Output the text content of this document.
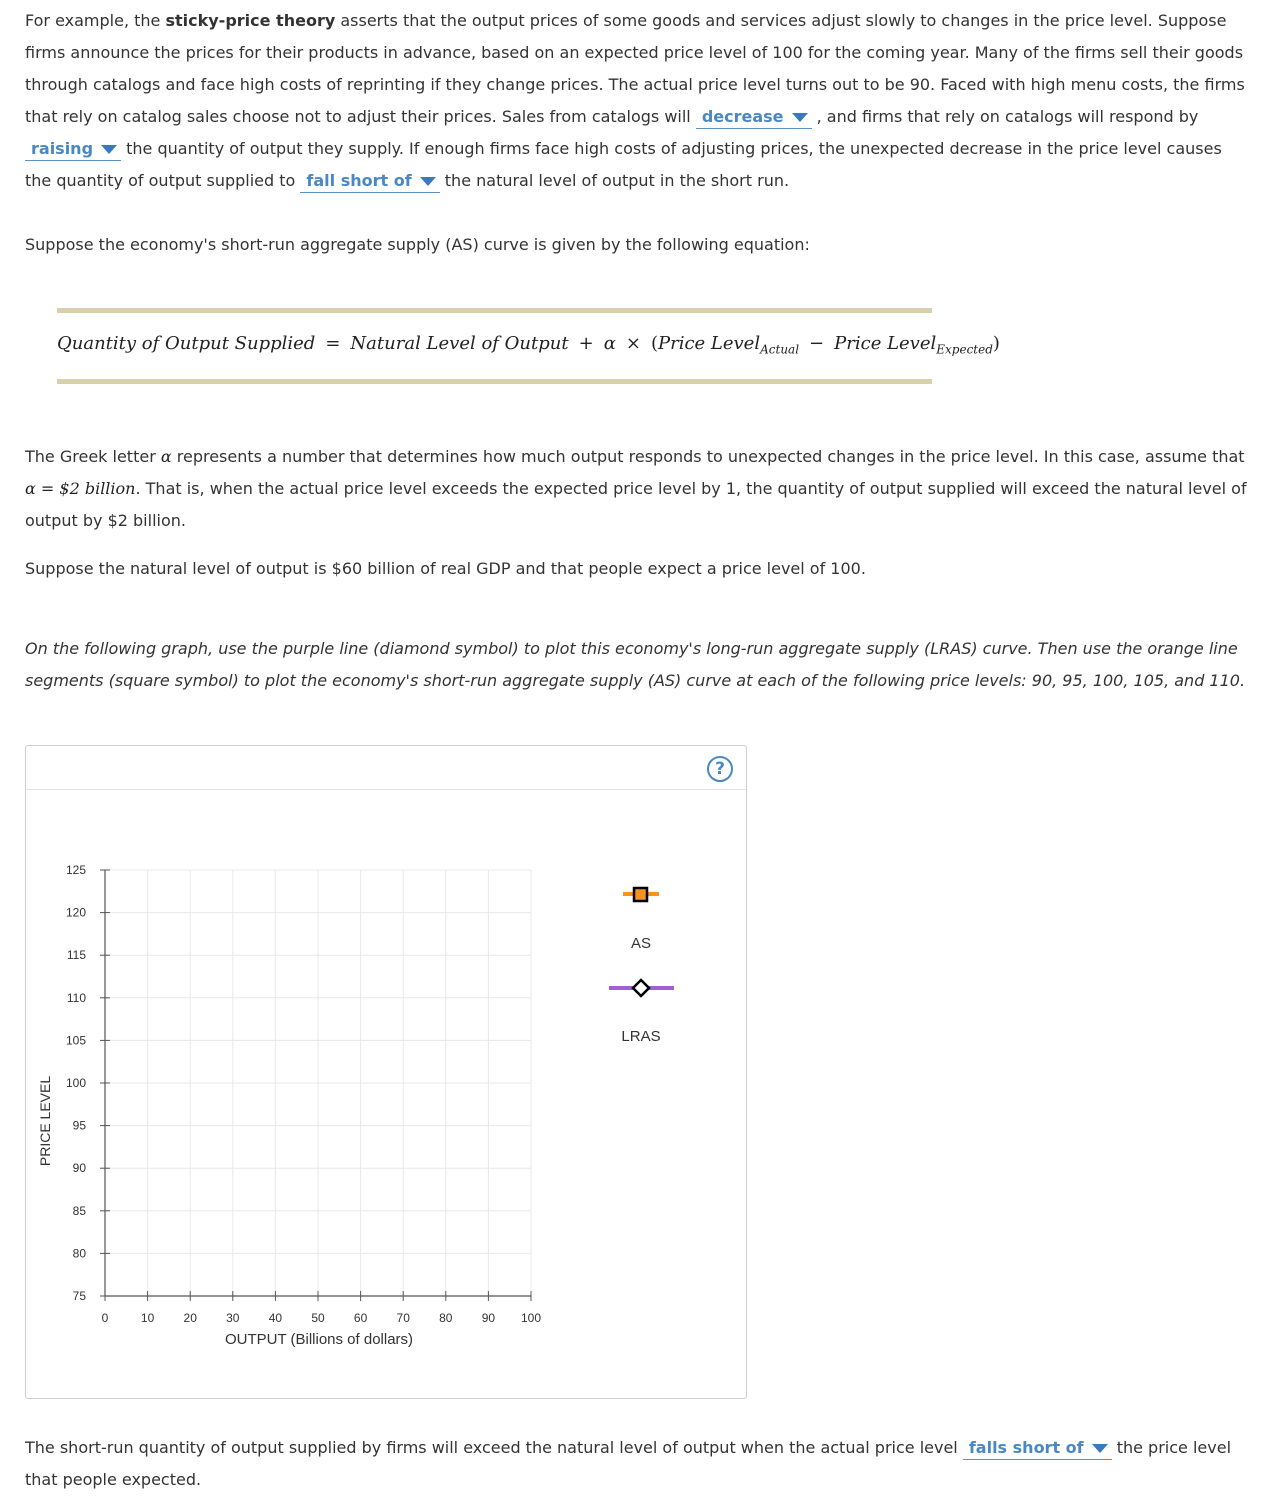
For example, the sticky-price theory asserts that the output prices of some goods and services adjust slowly to changes in the price level. Suppose firms announce the prices for their products in advance, based on an expected price level of 100 for the coming year. Many of the firms sell their goods through catalogs and face high costs of reprinting if they change prices. The actual price level turns out to be 90. Faced with high menu costs, the firms that rely on catalog sales choose not to adjust their prices. Sales from catalogs will decrease , and firms that rely on catalogs will respond by raising the quantity of output they supply. If enough firms face high costs of adjusting prices, the unexpected decrease in the price level causes the quantity of output supplied to fall short of the natural level of output in the short run.

Suppose the economy's short-run aggregate supply (AS) curve is given by the following equation:

Quantity of Output Supplied = Natural Level of Output + α × (Price Level$_{Actual}$ − Price Level$_{Expected}$)

The Greek letter α represents a number that determines how much output responds to unexpected changes in the price level. In this case, assume that α = $2 billion. That is, when the actual price level exceeds the expected price level by 1, the quantity of output supplied will exceed the natural level of output by $2 billion.

Suppose the natural level of output is $60 billion of real GDP and that people expect a price level of 100.

On the following graph, use the purple line (diamond symbol) to plot this economy's long-run aggregate supply (LRAS) curve. Then use the orange line segments (square symbol) to plot the economy's short-run aggregate supply (AS) curve at each of the following price levels: 90, 95, 100, 105, and 110.

?
0	10 20 30 40 50 60 70 80 90 100
75
80
85
90
95
100
105
110
115
120
125
PRICE LEVEL
OUTPUT (Billions of dollars)
AS
LRAS

The short-run quantity of output supplied by firms will exceed the natural level of output when the actual price level falls short of the price level that people expected.
